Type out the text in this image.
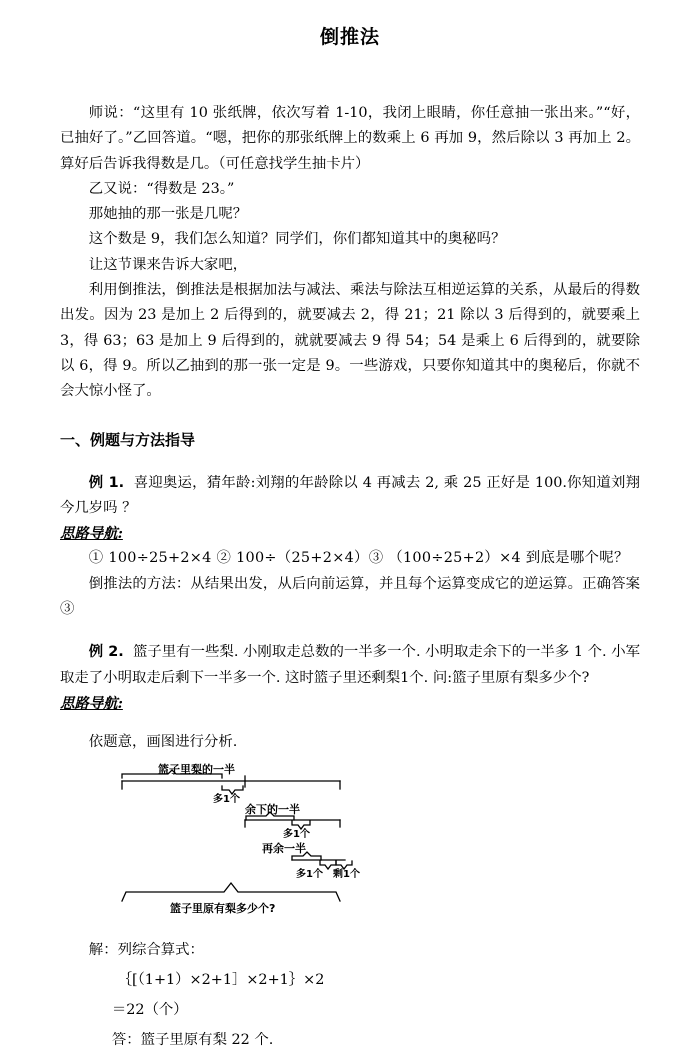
倒推法

师说：“这里有 10 张纸牌，依次写着 1-10，我闭上眼睛，你任意抽一张出来。”“好，已抽好了。”乙回答道。“嗯，把你的那张纸牌上的数乘上 6 再加 9，然后除以 3 再加上 2。算好后告诉我得数是几。（可任意找学生抽卡片）

乙又说：“得数是 23。”

那她抽的那一张是几呢？

这个数是 9，我们怎么知道？同学们，你们都知道其中的奥秘吗？

让这节课来告诉大家吧，

利用倒推法，倒推法是根据加法与减法、乘法与除法互相逆运算的关系，从最后的得数出发。因为 23 是加上 2 后得到的，就要减去 2，得 21；21 除以 3 后得到的，就要乘上 3，得 63；63 是加上 9 后得到的，就就要减去 9 得 54；54 是乘上 6 后得到的，就要除以 6，得 9。所以乙抽到的那一张一定是 9。一些游戏，只要你知道其中的奥秘后，你就不会大惊小怪了。

一、例题与方法指导

例 1. 喜迎奥运，猜年龄:刘翔的年龄除以 4 再减去 2, 乘 25 正好是 100.你知道刘翔今几岁吗 ？

思路导航:

① 100÷25+2×4 ② 100÷（25+2×4）③ （100÷25+2）×4 到底是哪个呢？

倒推法的方法：从结果出发，从后向前运算，并且每个运算变成它的逆运算。正确答案③

例 2. 篮子里有一些梨. 小刚取走总数的一半多一个. 小明取走余下的一半多 1 个. 小军取走了小明取走后剩下一半多一个. 这时篮子里还剩梨1个. 问:篮子里原有梨多少个?

思路导航:

依题意，画图进行分析.

篮子里梨的一半
多1个
余下的一半
多1个
再余一半
多1个 剩1个
篮子里原有梨多少个?

解：列综合算式：

｛[（1+1）×2+1］×2+1｝×2

＝22（个）

答：篮子里原有梨 22 个.
